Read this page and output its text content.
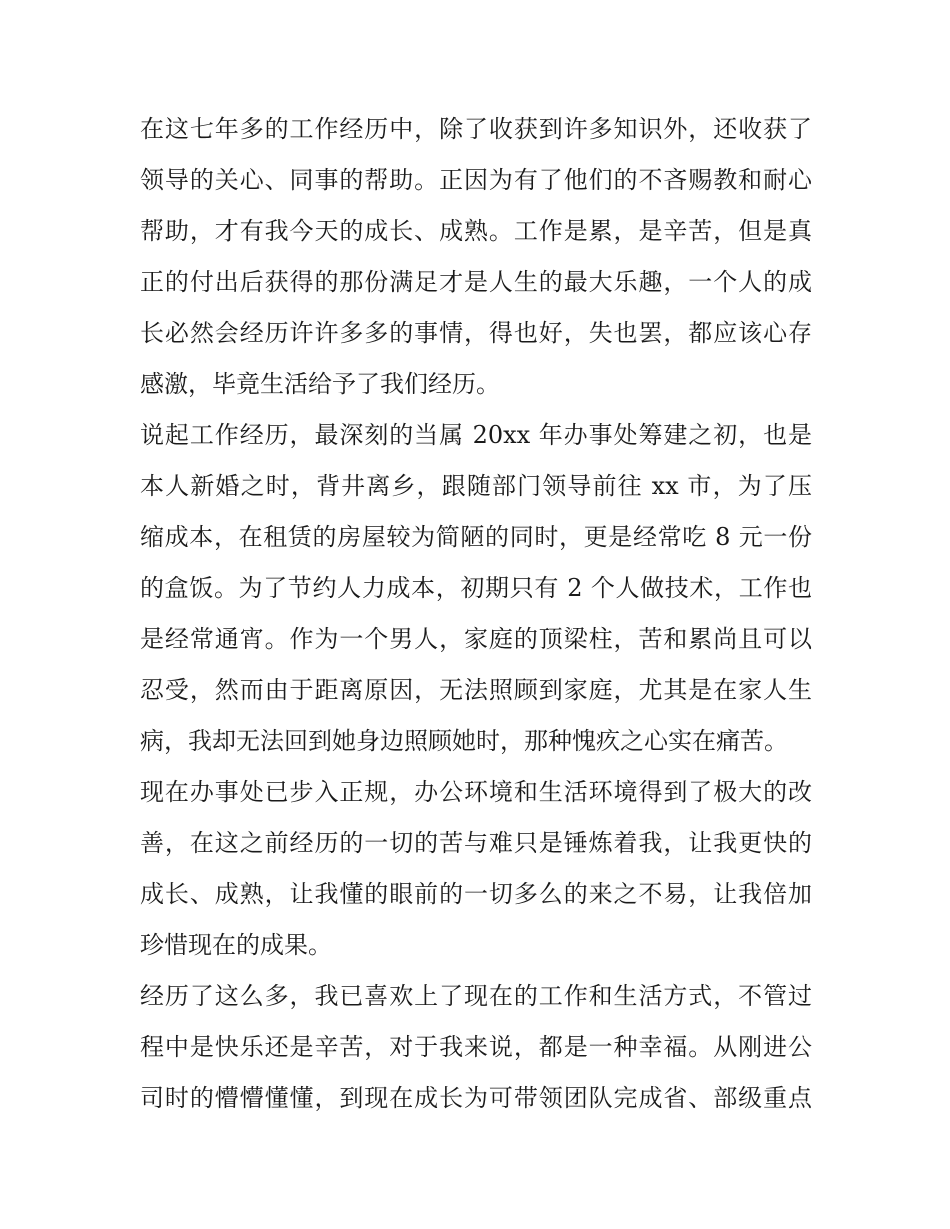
在这七年多的工作经历中，除了收获到许多知识外，还收获了
领导的关心、同事的帮助。正因为有了他们的不吝赐教和耐心
帮助，才有我今天的成长、成熟。工作是累，是辛苦，但是真
正的付出后获得的那份满足才是人生的最大乐趣，一个人的成
长必然会经历许许多多的事情，得也好，失也罢，都应该心存
感激，毕竟生活给予了我们经历。
说起工作经历，最深刻的当属 20xx 年办事处筹建之初，也是
本人新婚之时，背井离乡，跟随部门领导前往 xx 市，为了压
缩成本，在租赁的房屋较为简陋的同时，更是经常吃 8 元一份
的盒饭。为了节约人力成本，初期只有 2 个人做技术，工作也
是经常通宵。作为一个男人，家庭的顶梁柱，苦和累尚且可以
忍受，然而由于距离原因，无法照顾到家庭，尤其是在家人生
病，我却无法回到她身边照顾她时，那种愧疚之心实在痛苦。
现在办事处已步入正规，办公环境和生活环境得到了极大的改
善，在这之前经历的一切的苦与难只是锤炼着我，让我更快的
成长、成熟，让我懂的眼前的一切多么的来之不易，让我倍加
珍惜现在的成果。
经历了这么多，我已喜欢上了现在的工作和生活方式，不管过
程中是快乐还是辛苦，对于我来说，都是一种幸福。从刚进公
司时的懵懵懂懂，到现在成长为可带领团队完成省、部级重点
